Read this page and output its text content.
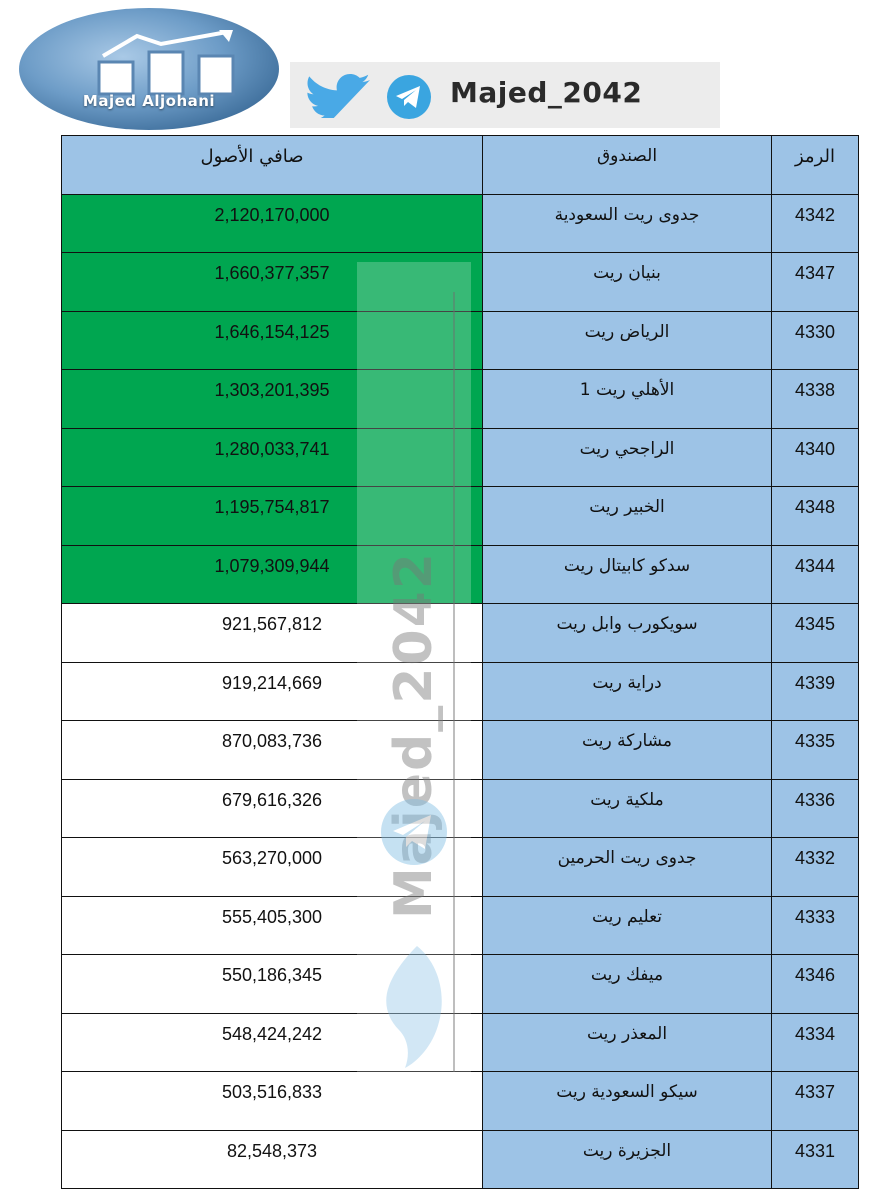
Majed Aljohani	Majed_2042
صافي الأصول	الصندوق	الرمز
2,120,170,000	جدوى ريت السعودية	4342
1,660,377,357	بنيان ريت	4347
1,646,154,125	الرياض ريت	4330
1,303,201,395	الأهلي ريت 1	4338
1,280,033,741	الراجحي ريت	4340
1,195,754,817	الخبير ريت	4348
1,079,309,944	سدكو كابيتال ريت	4344
921,567,812	سويكورب وابل ريت	4345
919,214,669	دراية ريت	4339
870,083,736	مشاركة ريت	4335
679,616,326	ملكية ريت	4336
563,270,000	جدوى ريت الحرمين	4332
555,405,300	تعليم ريت	4333
550,186,345	ميفك ريت	4346
548,424,242	المعذر ريت	4334
503,516,833	سيكو السعودية ريت	4337
82,548,373	الجزيرة ريت	4331
Majed_2042
